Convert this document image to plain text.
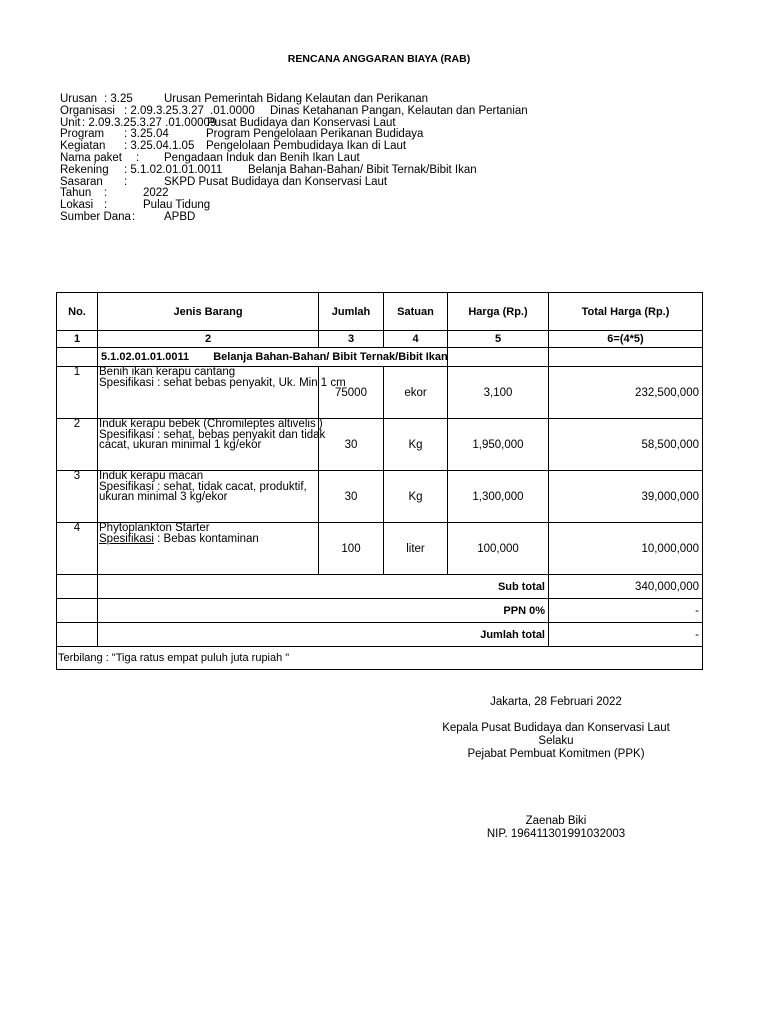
RENCANA ANGGARAN BIAYA (RAB)
Urusan : 3.25	Urusan Pemerintah Bidang Kelautan dan Perikanan
Organisasi : 2.09.3.25.3.27 .01.0000 Dinas Ketahanan Pangan, Kelautan dan Pertanian
Unit : 2.09.3.25.3.27 .01.00009
Pusat Budidaya dan Konservasi Laut
Program : 3.25.04	Program Pengelolaan Perikanan Budidaya
Kegiatan : 3.25.04.1.05 Pengelolaan Pembudidaya Ikan di Laut
Nama paket : Pengadaan Induk dan Benih Ikan Laut
Rekening : 5.1.02.01.01.0011 Belanja Bahan-Bahan/ Bibit Ternak/Bibit Ikan
Sasaran :	SKPD Pusat Budidaya dan Konservasi Laut
Tahun :	2022
Lokasi :	Pulau Tidung
Sumber Dana :	APBD
No.	Jenis Barang	Jumlah	Satuan	Harga (Rp.)	Total Harga (Rp.)
1	2	3	4	5	6=(4*5)
	5.1.02.01.01.0011 Belanja Bahan-Bahan/ Bibit Ternak/Bibit Ikan				
1	Benih ikan kerapu cantang
Spesifikasi : sehat bebas penyakit, Uk. Min 1 cm	75000	ekor	3,100	232,500,000
2	Induk kerapu bebek (Chromileptes altivelis )
Spesifikasi : sehat, bebas penyakit dan tidak
cacat, ukuran minimal 1 kg/ekor	30	Kg	1,950,000	58,500,000
3	Induk kerapu macan
Spesifikasi : sehat, tidak cacat, produktif,
ukuran minimal 3 kg/ekor	30	Kg	1,300,000	39,000,000
4	Phytoplankton Starter
Spesifikasi : Bebas kontaminan	100	liter	100,000	10,000,000
	Sub total				340,000,000
	PPN 0%				-
	Jumlah total				-
Terbilang : "Tiga ratus empat puluh juta rupiah "					
Jakarta, 28 Februari 2022
Kepala Pusat Budidaya dan Konservasi Laut
Selaku
Pejabat Pembuat Komitmen (PPK)
Zaenab Biki
NIP. 196411301991032003
